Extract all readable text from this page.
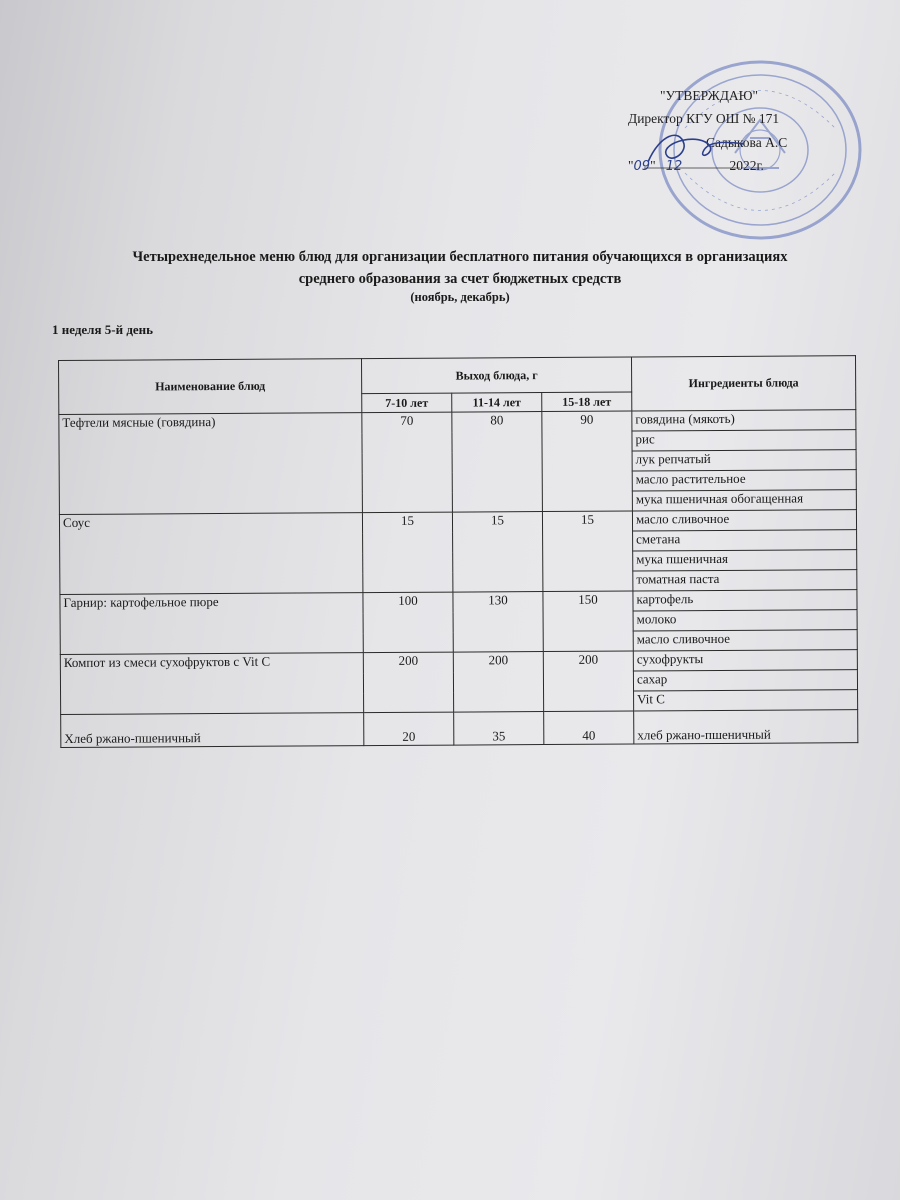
"УТВЕРЖДАЮ"
Директор КГУ ОШ № 171
Садыкова А.С
"09" 12	2022г.
Четырехнедельное меню блюд для организации бесплатного питания обучающихся в организациях
среднего образования за счет бюджетных средств
(ноябрь, декабрь)
1 неделя 5-й день
Наименование блюд	Выход блюда, г			Ингредиенты блюда
	7-10 лет	11-14 лет	15-18 лет	
Тефтели мясные (говядина)	70	80	90	говядина (мякоть)
				рис
				лук репчатый
				масло растительное
				мука пшеничная обогащенная
Соус	15	15	15	масло сливочное
				сметана
				мука пшеничная
				томатная паста
Гарнир: картофельное пюре	100	130	150	картофель
				молоко
				масло сливочное
Компот из смеси сухофруктов с Vit C	200	200	200	сухофрукты
				сахар
				Vit C
Хлеб ржано-пшеничный	20	35	40	хлеб ржано-пшеничный
